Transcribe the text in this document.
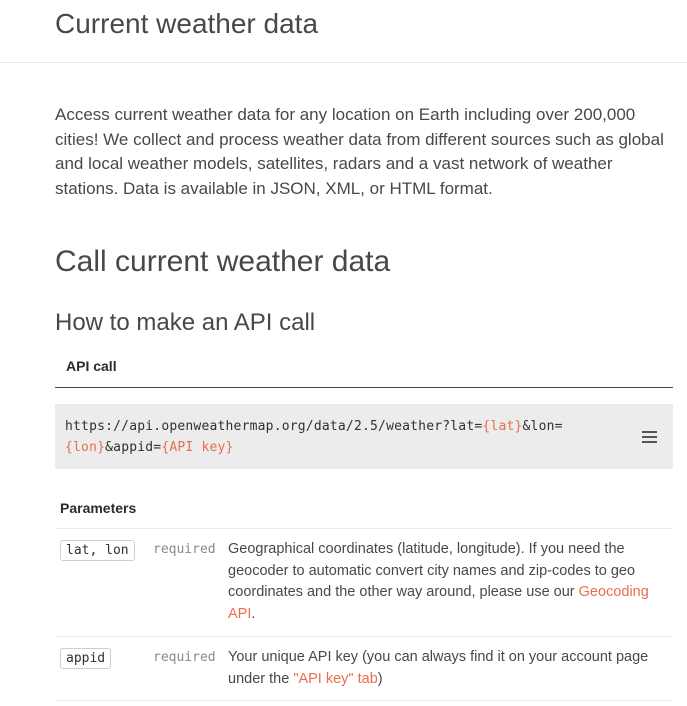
Current weather data

Access current weather data for any location on Earth including over 200,000 cities! We collect and process weather data from different sources such as global and local weather models, satellites, radars and a vast network of weather stations. Data is available in JSON, XML, or HTML format.

Call current weather data
How to make an API call
API call
https://api.openweathermap.org/data/2.5/weather?lat={lat}&lon=
{lon}&appid={API key}
Parameters
lat, lon	required Geographical coordinates (latitude, longitude). If you need the geocoder to automatic convert city names and zip-codes to geo coordinates and the other way around, please use our Geocoding API.
appid	required Your unique API key (you can always find it on your account page under the "API key" tab)
